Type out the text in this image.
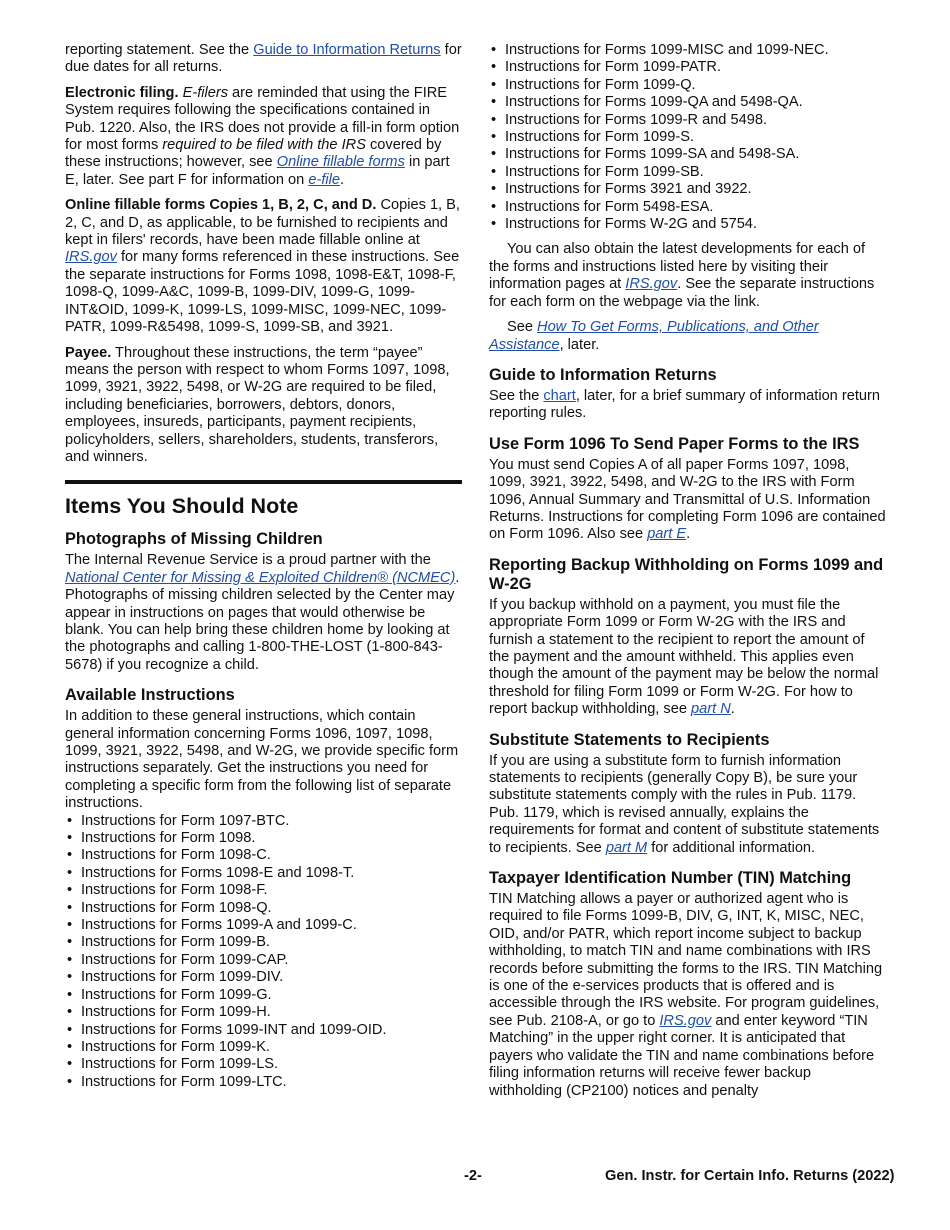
reporting statement. See the Guide to Information Returns for due dates for all returns.

Electronic filing. E-filers are reminded that using the FIRE System requires following the specifications contained in Pub. 1220. Also, the IRS does not provide a fill-in form option for most forms required to be filed with the IRS covered by these instructions; however, see Online fillable forms in part E, later. See part F for information on e-file.

Online fillable forms Copies 1, B, 2, C, and D. Copies 1, B, 2, C, and D, as applicable, to be furnished to recipients and kept in filers' records, have been made fillable online at IRS.gov for many forms referenced in these instructions. See the separate instructions for Forms 1098, 1098-E&T, 1098-F, 1098-Q, 1099-A&C, 1099-B, 1099-DIV, 1099-G, 1099-INT&OID, 1099-K, 1099-LS, 1099-MISC, 1099-NEC, 1099-PATR, 1099-R&5498, 1099-S, 1099-SB, and 3921.

Payee. Throughout these instructions, the term “payee” means the person with respect to whom Forms 1097, 1098, 1099, 3921, 3922, 5498, or W-2G are required to be filed, including beneficiaries, borrowers, debtors, donors, employees, insureds, participants, payment recipients, policyholders, sellers, shareholders, students, transferors, and winners.

Items You Should Note
Photographs of Missing Children

The Internal Revenue Service is a proud partner with the National Center for Missing & Exploited Children® (NCMEC). Photographs of missing children selected by the Center may appear in instructions on pages that would otherwise be blank. You can help bring these children home by looking at the photographs and calling 1-800-THE-LOST (1-800-843-5678) if you recognize a child.

Available Instructions

In addition to these general instructions, which contain general information concerning Forms 1096, 1097, 1098, 1099, 3921, 3922, 5498, and W-2G, we provide specific form instructions separately. Get the instructions you need for completing a specific form from the following list of separate instructions.

• Instructions for Form 1097-BTC.
• Instructions for Form 1098.
• Instructions for Form 1098-C.
• Instructions for Forms 1098-E and 1098-T.
• Instructions for Form 1098-F.
• Instructions for Form 1098-Q.
• Instructions for Forms 1099-A and 1099-C.
• Instructions for Form 1099-B.
• Instructions for Form 1099-CAP.
• Instructions for Form 1099-DIV.
• Instructions for Form 1099-G.
• Instructions for Form 1099-H.
• Instructions for Forms 1099-INT and 1099-OID.
• Instructions for Form 1099-K.
• Instructions for Form 1099-LS.
• Instructions for Form 1099-LTC.
• Instructions for Forms 1099-MISC and 1099-NEC.
• Instructions for Form 1099-PATR.
• Instructions for Form 1099-Q.
• Instructions for Forms 1099-QA and 5498-QA.
• Instructions for Forms 1099-R and 5498.
• Instructions for Form 1099-S.
• Instructions for Forms 1099-SA and 5498-SA.
• Instructions for Form 1099-SB.
• Instructions for Forms 3921 and 3922.
• Instructions for Form 5498-ESA.
• Instructions for Forms W-2G and 5754.

You can also obtain the latest developments for each of the forms and instructions listed here by visiting their information pages at IRS.gov. See the separate instructions for each form on the webpage via the link.

See How To Get Forms, Publications, and Other Assistance, later.

Guide to Information Returns

See the chart, later, for a brief summary of information return reporting rules.

Use Form 1096 To Send Paper Forms to the IRS

You must send Copies A of all paper Forms 1097, 1098, 1099, 3921, 3922, 5498, and W-2G to the IRS with Form 1096, Annual Summary and Transmittal of U.S. Information Returns. Instructions for completing Form 1096 are contained on Form 1096. Also see part E.

Reporting Backup Withholding on Forms 1099 and W-2G

If you backup withhold on a payment, you must file the appropriate Form 1099 or Form W-2G with the IRS and furnish a statement to the recipient to report the amount of the payment and the amount withheld. This applies even though the amount of the payment may be below the normal threshold for filing Form 1099 or Form W-2G. For how to report backup withholding, see part N.

Substitute Statements to Recipients

If you are using a substitute form to furnish information statements to recipients (generally Copy B), be sure your substitute statements comply with the rules in Pub. 1179. Pub. 1179, which is revised annually, explains the requirements for format and content of substitute statements to recipients. See part M for additional information.

Taxpayer Identification Number (TIN) Matching

TIN Matching allows a payer or authorized agent who is required to file Forms 1099-B, DIV, G, INT, K, MISC, NEC, OID, and/or PATR, which report income subject to backup withholding, to match TIN and name combinations with IRS records before submitting the forms to the IRS. TIN Matching is one of the e-services products that is offered and is accessible through the IRS website. For program guidelines, see Pub. 2108-A, or go to IRS.gov and enter keyword “TIN Matching” in the upper right corner. It is anticipated that payers who validate the TIN and name combinations before filing information returns will receive fewer backup withholding (CP2100) notices and penalty

-2-	Gen. Instr. for Certain Info. Returns (2022)
